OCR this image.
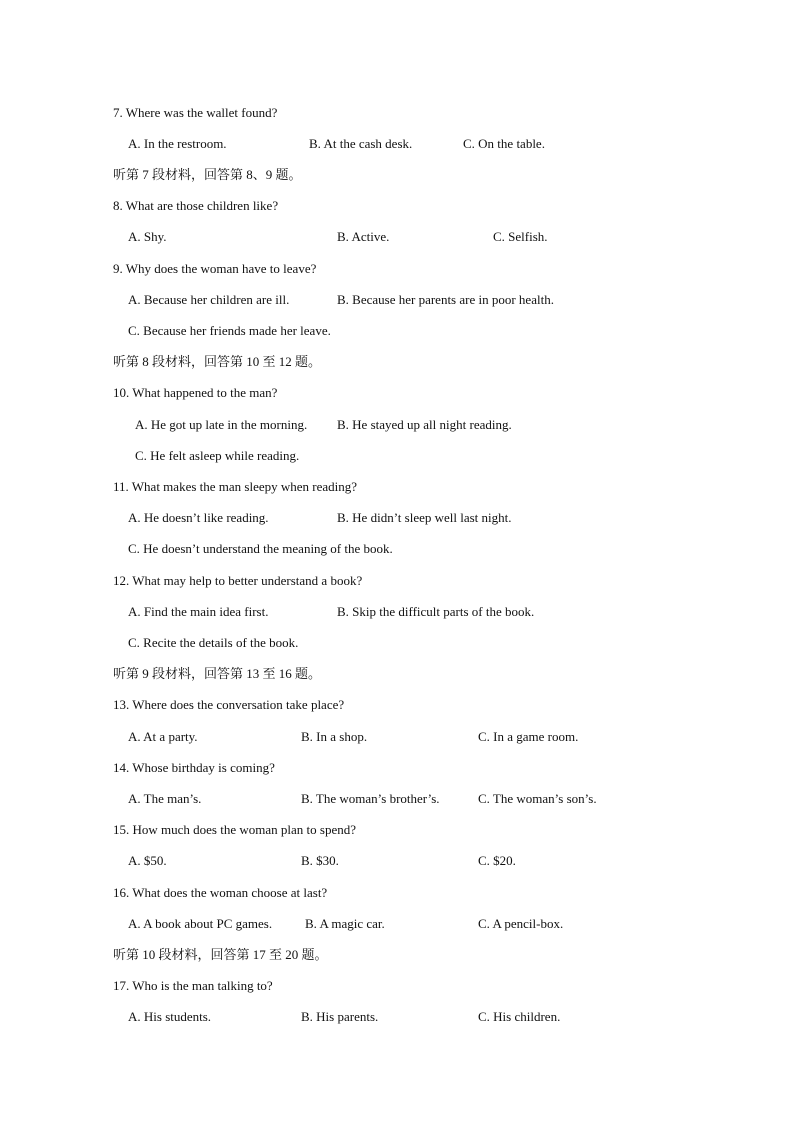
7. Where was the wallet found?
A. In the restroom.	B. At the cash desk.	C. On the table.
听第 7 段材料，回答第 8、9 题。
8. What are those children like?
A. Shy.	B. Active.	C. Selfish.
9. Why does the woman have to leave?
A. Because her children are ill.	B. Because her parents are in poor health.
C. Because her friends made her leave.
听第 8 段材料，回答第 10 至 12 题。
10. What happened to the man?
A. He got up late in the morning. B. He stayed up all night reading.
C. He felt asleep while reading.
11. What makes the man sleepy when reading?
A. He doesn’t like reading.	B. He didn’t sleep well last night.
C. He doesn’t understand the meaning of the book.
12. What may help to better understand a book?
A. Find the main idea first.	B. Skip the difficult parts of the book.
C. Recite the details of the book.
听第 9 段材料，回答第 13 至 16 题。
13. Where does the conversation take place?
A. At a party.	B. In a shop.	C. In a game room.
14. Whose birthday is coming?
A. The man’s.	B. The woman’s brother’s.	C. The woman’s son’s.
15. How much does the woman plan to spend?
A. $50.	B. $30.	C. $20.
16. What does the woman choose at last?
A. A book about PC games.	B. A magic car.	C. A pencil-box.
听第 10 段材料，回答第 17 至 20 题。
17. Who is the man talking to?
A. His students.	B. His parents.	C. His children.
